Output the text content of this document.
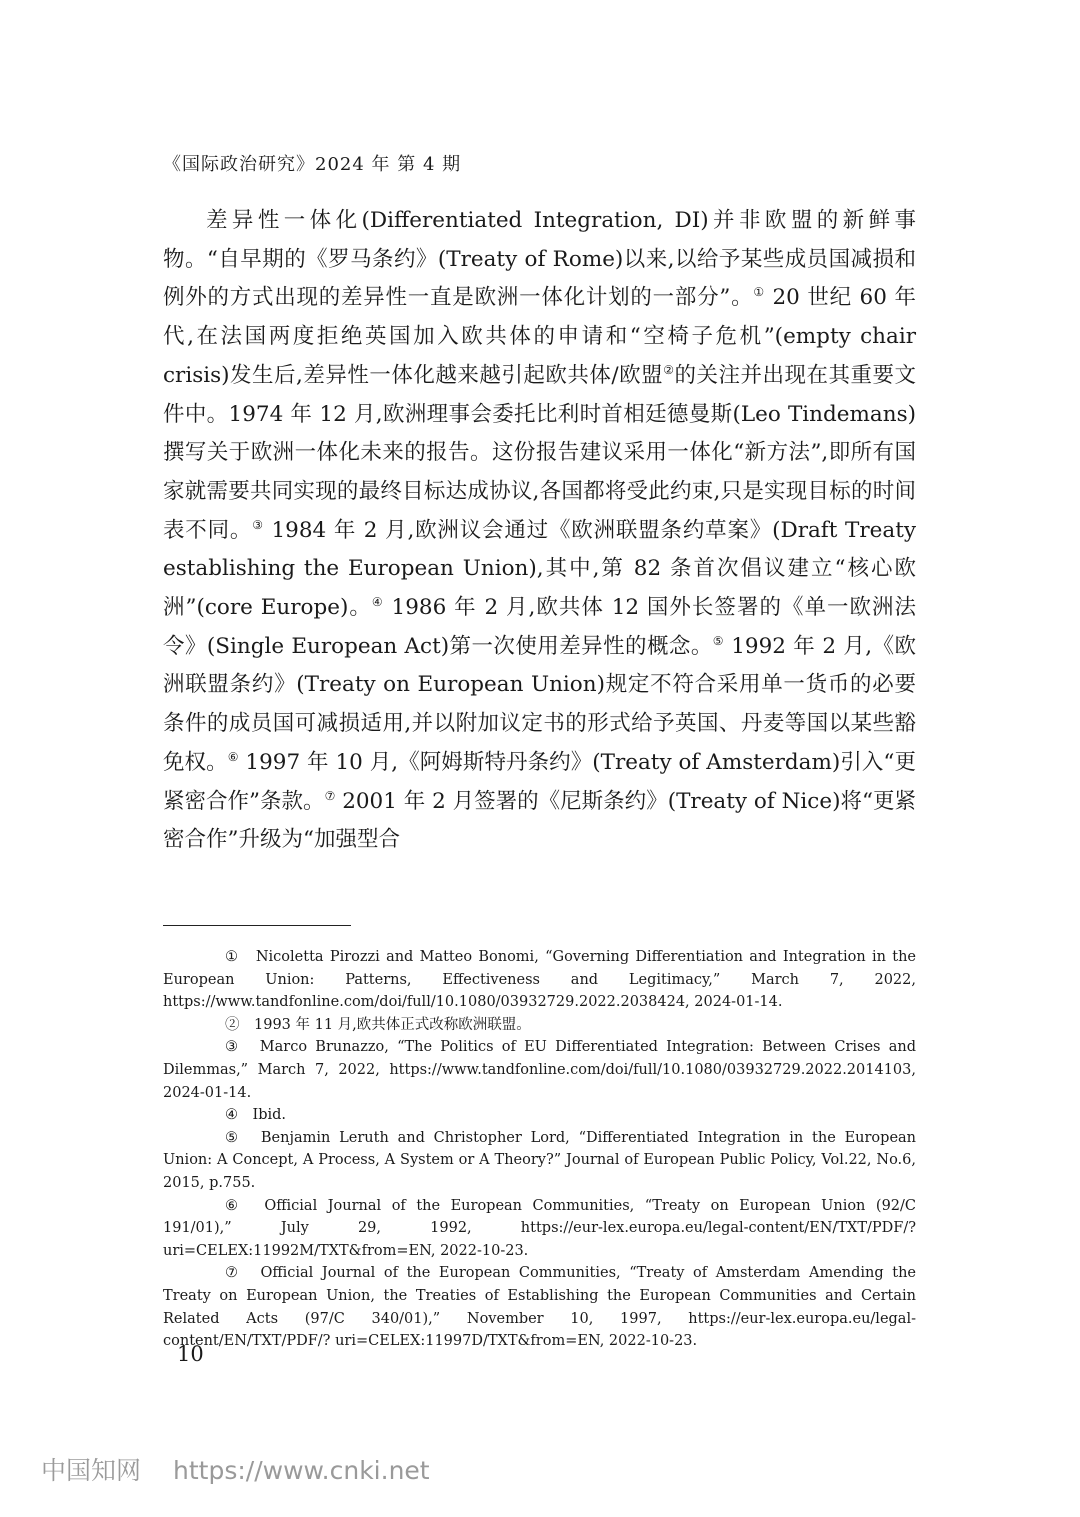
《国际政治研究》2024 年 第 4 期

差异性一体化(Differentiated Integration, DI)并非欧盟的新鲜事物。“自早期的《罗马条约》(Treaty of Rome)以来,以给予某些成员国减损和例外的方式出现的差异性一直是欧洲一体化计划的一部分”。① 20 世纪 60 年代,在法国两度拒绝英国加入欧共体的申请和“空椅子危机”(empty chair crisis)发生后,差异性一体化越来越引起欧共体/欧盟②的关注并出现在其重要文件中。1974 年 12 月,欧洲理事会委托比利时首相廷德曼斯(Leo Tindemans)撰写关于欧洲一体化未来的报告。这份报告建议采用一体化“新方法”,即所有国家就需要共同实现的最终目标达成协议,各国都将受此约束,只是实现目标的时间表不同。③ 1984 年 2 月,欧洲议会通过《欧洲联盟条约草案》(Draft Treaty establishing the European Union),其中,第 82 条首次倡议建立“核心欧洲”(core Europe)。④ 1986 年 2 月,欧共体 12 国外长签署的《单一欧洲法令》(Single European Act)第一次使用差异性的概念。⑤ 1992 年 2 月,《欧洲联盟条约》(Treaty on European Union)规定不符合采用单一货币的必要条件的成员国可减损适用,并以附加议定书的形式给予英国、丹麦等国以某些豁免权。⑥ 1997 年 10 月,《阿姆斯特丹条约》(Treaty of Amsterdam)引入“更紧密合作”条款。⑦ 2001 年 2 月签署的《尼斯条约》(Treaty of Nice)将“更紧密合作”升级为“加强型合

①　 Nicoletta Pirozzi and Matteo Bonomi, “Governing Differentiation and Integration in the European Union: Patterns, Effectiveness and Legitimacy,” March 7, 2022, https://www.tandfonline.com/doi/full/10.1080/03932729.2022.2038424, 2024-01-14.

②　 1993 年 11 月,欧共体正式改称欧洲联盟。

③　 Marco Brunazzo, “The Politics of EU Differentiated Integration: Between Crises and Dilemmas,” March 7, 2022, https://www.tandfonline.com/doi/full/10.1080/03932729.2022.2014103, 2024-01-14.

④　 Ibid.

⑤　 Benjamin Leruth and Christopher Lord, “Differentiated Integration in the European Union: A Concept, A Process, A System or A Theory?” Journal of European Public Policy, Vol.22, No.6, 2015, p.755.

⑥　 Official Journal of the European Communities, “Treaty on European Union (92/C 191/01),” July 29, 1992, https://eur-lex.europa.eu/legal-content/EN/TXT/PDF/? uri=CELEX:11992M/TXT&from=EN, 2022-10-23.

⑦　 Official Journal of the European Communities, “Treaty of Amsterdam Amending the Treaty on European Union, the Treaties of Establishing the European Communities and Certain Related Acts (97/C 340/01),” November 10, 1997, https://eur-lex.europa.eu/legal-content/EN/TXT/PDF/? uri=CELEX:11997D/TXT&from=EN, 2022-10-23.

10
中国知网 https://www.cnki.net
